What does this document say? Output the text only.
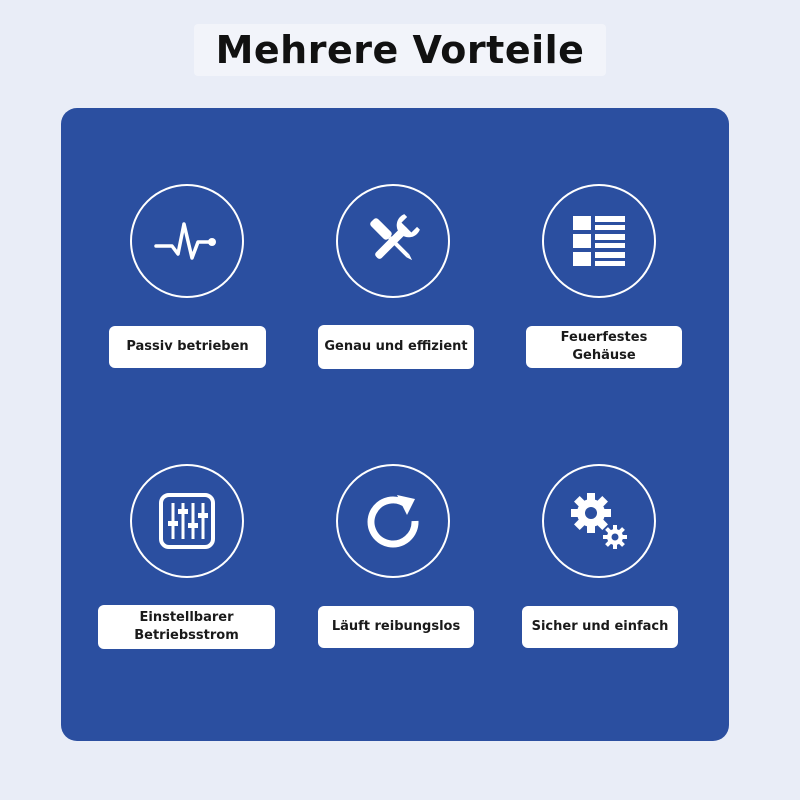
Mehrere Vorteile
Passiv betrieben	Genau und effizient
Feuerfestes Gehäuse
Einstellbarer Betriebsstrom
Läuft reibungslos	Sicher und einfach
